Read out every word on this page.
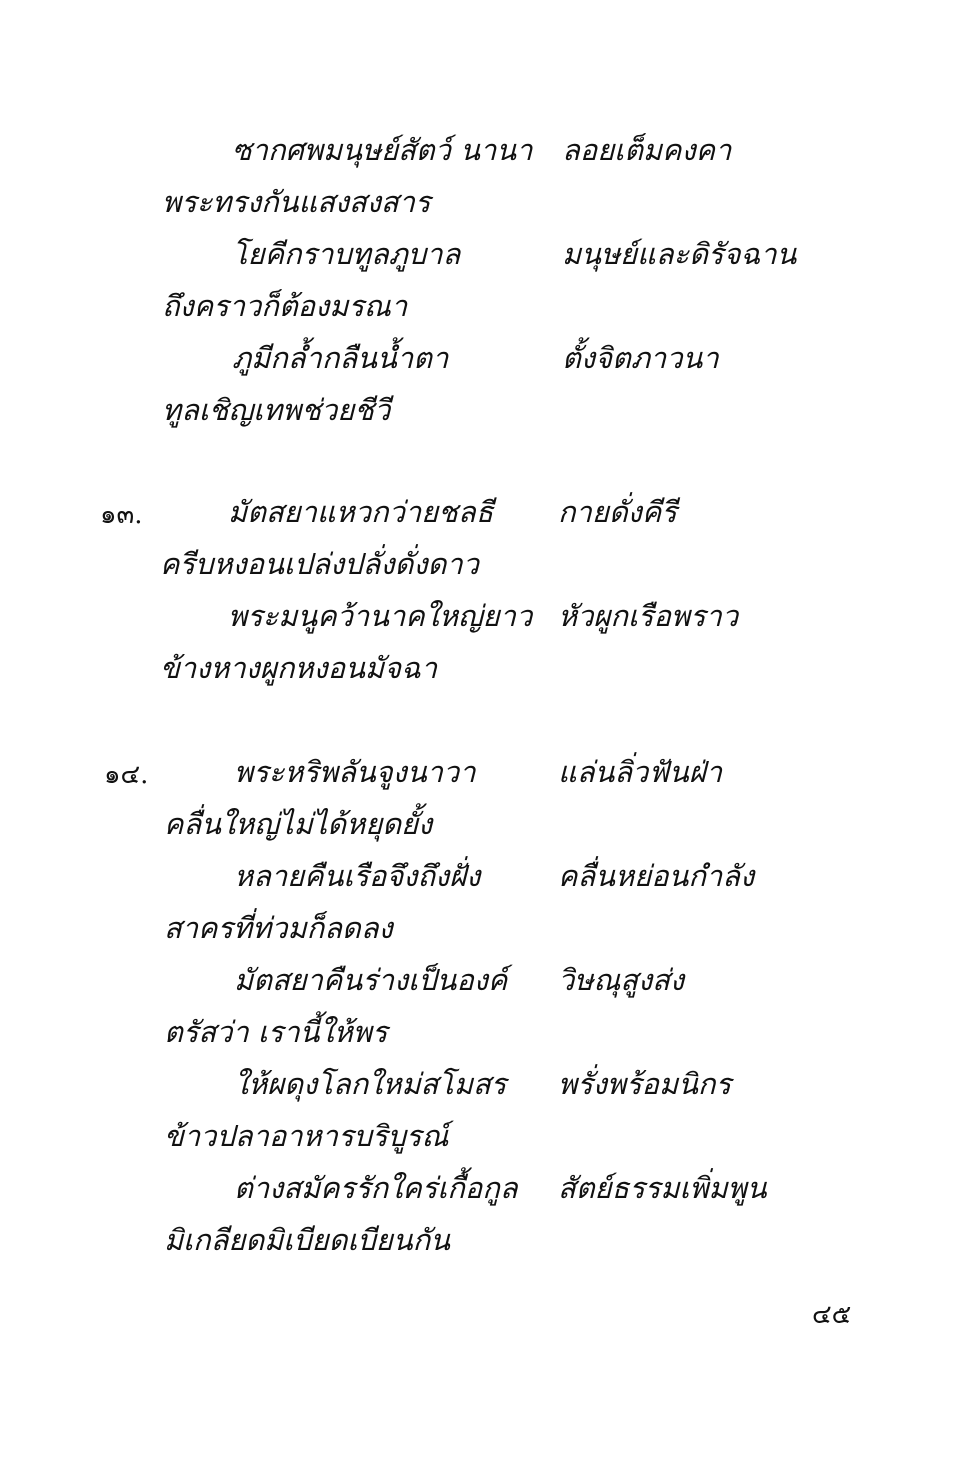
ซากศพมนุษย์สัตว์ นานา ลอยเต็มคงคา
พระทรงกันแสงสงสาร
โยคีกราบทูลภูบาล	มนุษย์และดิรัจฉาน
ถึงคราวก็ต้องมรณา
ภูมีกล้ำกลืนน้ำตา	ตั้งจิตภาวนา
ทูลเชิญเทพช่วยชีวี
๑๓.	มัตสยาแหวกว่ายชลธี กายดั่งคีรี
ครีบหงอนเปล่งปลั่งดั่งดาว
พระมนูคว้านาคใหญ่ยาว หัวผูกเรือพราว
ข้างหางผูกหงอนมัจฉา
๑๔.	พระหริพลันจูงนาวา	แล่นลิ่วฟันฝ่า
คลื่นใหญ่ไม่ได้หยุดยั้ง
หลายคืนเรือจึงถึงฝั่ง	คลื่นหย่อนกำลัง
สาครที่ท่วมก็ลดลง
มัตสยาคืนร่างเป็นองค์ วิษณุสูงส่ง
ตรัสว่า เรานี้ให้พร
ให้ผดุงโลกใหม่สโมสร พรั่งพร้อมนิกร
ข้าวปลาอาหารบริบูรณ์
ต่างสมัครรักใคร่เกื้อกูล สัตย์ธรรมเพิ่มพูน
มิเกลียดมิเบียดเบียนกัน
๔๕
